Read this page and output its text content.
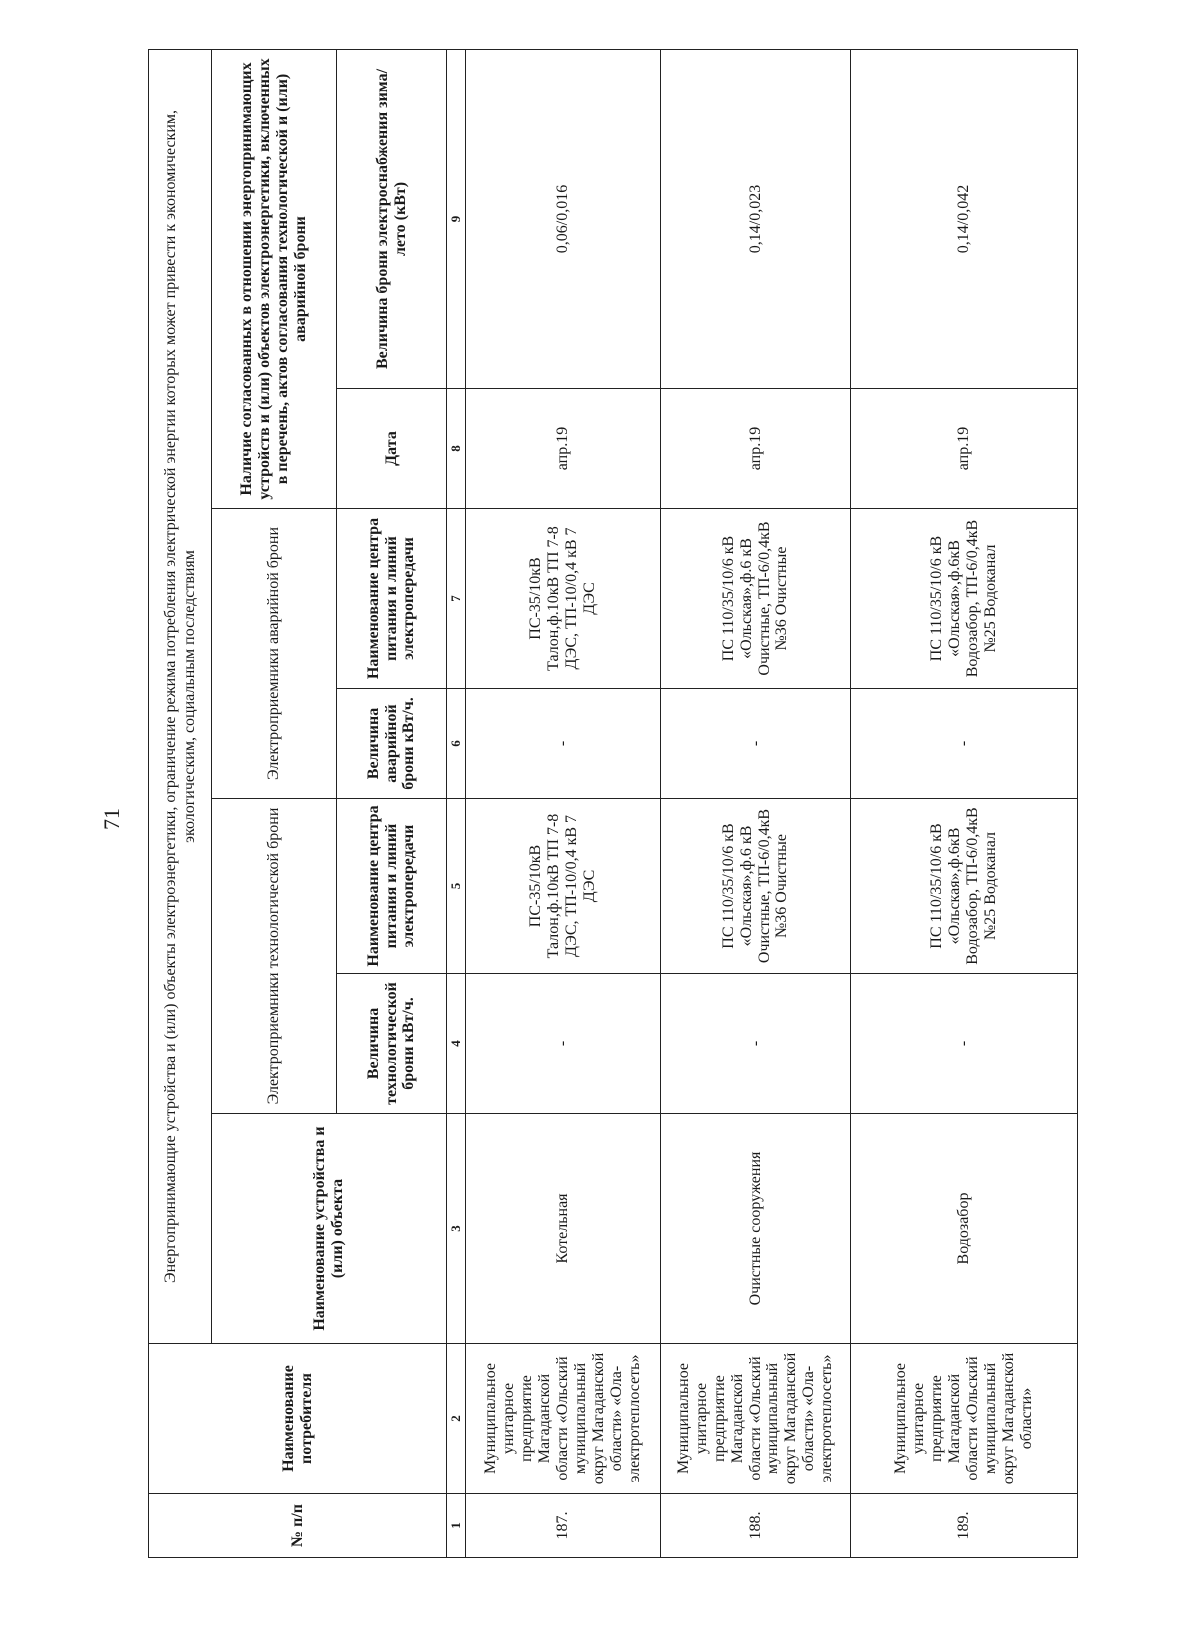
71
№ п/п	Наименование потребителя	Энергопринимающие устройства и (или) объекты электроэнергетики, ограничение режима потребления электрической энергии которых может привести к экономическим, экологическим, социальным последствиям						
		Наименование устройства и (или) объекта	Электроприемники технологической брони		Электроприемники аварийной брони		Наличие согласованных в отношении энергопринимающих устройств и (или) объектов электроэнергетики, включенных в перечень, актов согласования технологической и (или) аварийной брони	
			Величина технологической брони кВт/ч.	Наименование центра питания и линий электропередачи	Величина аварийной брони кВт/ч.	Наименование центра питания и линий электропередачи	Дата	Величина брони электроснабжения зима/лето (кВт)
1	2	3	4	5	6	7	8	9
187.	Муниципальное унитарное предприятие Магаданской области «Ольский муниципальный округ Магаданской области» «Ола-электротеплосеть»	Котельная	-	ПС-35/10кВ Талон,ф.10кВ ТП 7-8 ДЭС, ТП-10/0,4 кВ 7 ДЭС	-	ПС-35/10кВ Талон,ф.10кВ ТП 7-8 ДЭС, ТП-10/0,4 кВ 7 ДЭС	апр.19	0,06/0,016
188.	Муниципальное унитарное предприятие Магаданской области «Ольский муниципальный округ Магаданской области» «Ола-электротеплосеть»	Очистные сооружения	-	ПС 110/35/10/6 кВ «Ольская»,ф.6 кВ Очистные, ТП-6/0,4кВ №36 Очистные	-	ПС 110/35/10/6 кВ «Ольская»,ф.6 кВ Очистные, ТП-6/0,4кВ №36 Очистные	апр.19	0,14/0,023
189.	Муниципальное унитарное предприятие Магаданской области «Ольский муниципальный округ Магаданской области»	Водозабор	-	ПС 110/35/10/6 кВ «Ольская»,ф.6кВ Водозабор, ТП-6/0,4кВ №25 Водоканал	-	ПС 110/35/10/6 кВ «Ольская»,ф.6кВ Водозабор, ТП-6/0,4кВ №25 Водоканал	апр.19	0,14/0,042
